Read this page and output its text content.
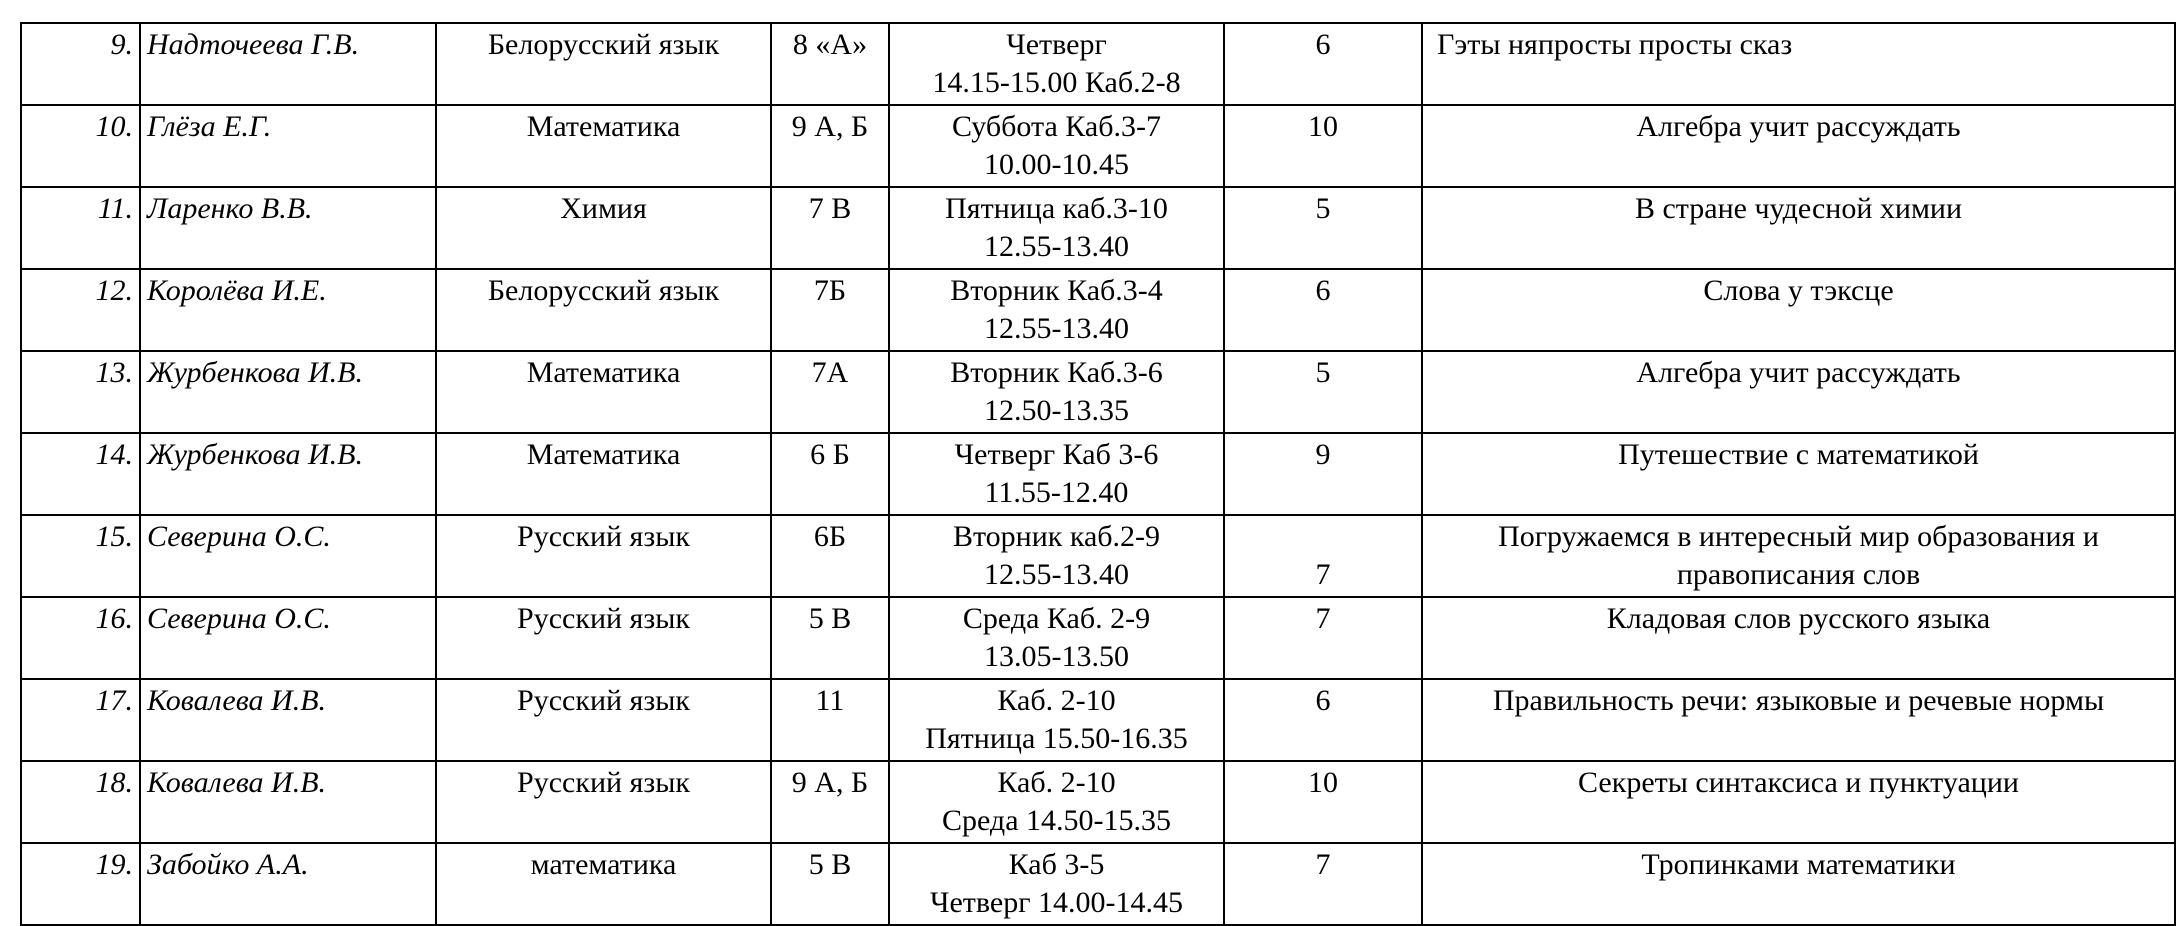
9.	Надточеева Г.В.	Белорусский язык	8 «А»	Четверг
14.15-15.00 Каб.2-8	6	Гэты няпросты просты сказ

10.	Глёза Е.Г.	Математика	9 А, Б	Суббота Каб.3-7
10.00-10.45	10	Алгебра учит рассуждать

11.	Ларенко В.В.	Химия	7 В	Пятница каб.3-10
12.55-13.40	5	В стране чудесной химии

12.	Королёва И.Е.	Белорусский язык	7Б	Вторник Каб.3-4
12.55-13.40	6	Слова у тэксце

13.	Журбенкова И.В.	Математика	7А	Вторник Каб.3-6
12.50-13.35	5	Алгебра учит рассуждать

14.	Журбенкова И.В.	Математика	6 Б	Четверг Каб 3-6
11.55-12.40	9	Путешествие с математикой

15.	Северина О.С.	Русский язык	6Б	Вторник каб.2-9
12.55-13.40	7	Погружаемся в интересный мир образования и
правописания слов

16.	Северина О.С.	Русский язык	5 В	Среда Каб. 2-9
13.05-13.50	7	Кладовая слов русского языка

17.	Ковалева И.В.	Русский язык	11	Каб. 2-10
Пятница 15.50-16.35	6	Правильность речи: языковые и речевые нормы

18.	Ковалева И.В.	Русский язык	9 А, Б	Каб. 2-10
Среда 14.50-15.35	10	Секреты синтаксиса и пунктуации

19.	Забойко А.А.	математика	5 В	Каб 3-5
Четверг 14.00-14.45	7	Тропинками математики
